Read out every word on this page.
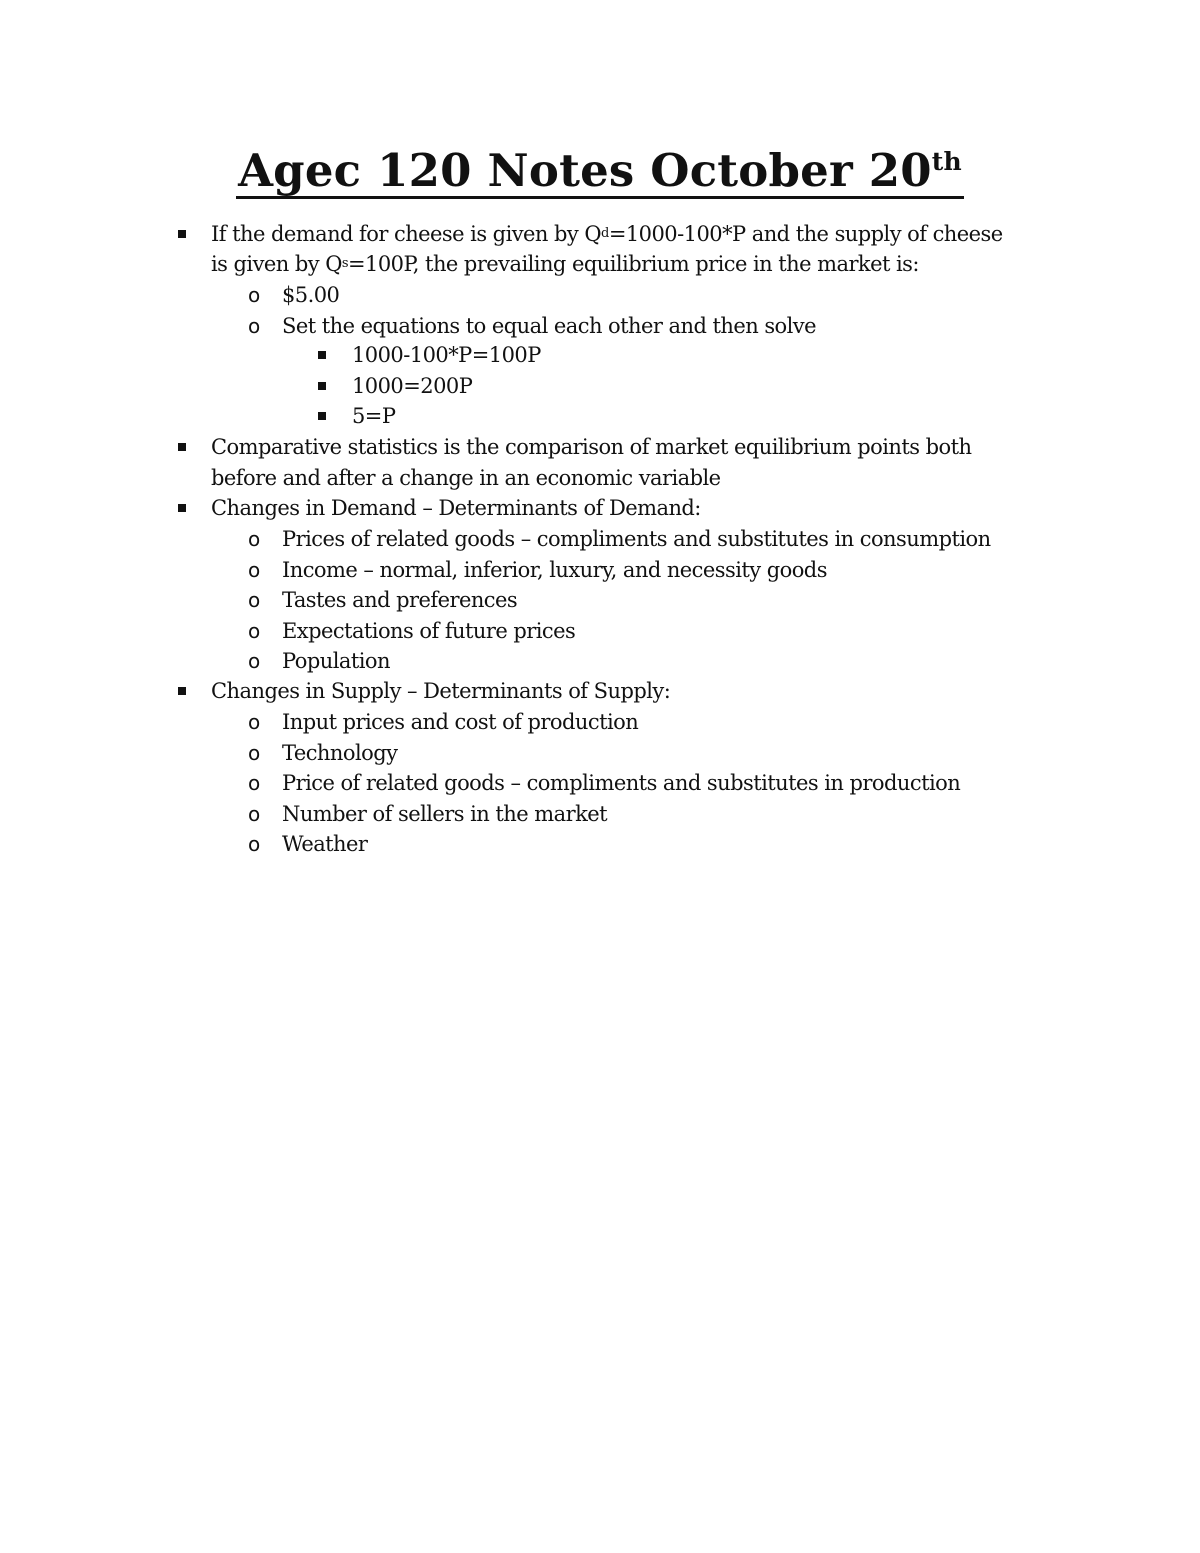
Agec 120 Notes October 20th
If the demand for cheese is given by Q d =1000-100*P and the supply of cheese
is given by Q s =100P, the prevailing equilibrium price in the market is:
o $5.00
o Set the equations to equal each other and then solve
1000-100*P=100P
1000=200P
5=P
Comparative statistics is the comparison of market equilibrium points both
before and after a change in an economic variable
Changes in Demand – Determinants of Demand:
o Prices of related goods – compliments and substitutes in consumption
o Income – normal, inferior, luxury, and necessity goods
o Tastes and preferences
o Expectations of future prices
o Population
Changes in Supply – Determinants of Supply:
o Input prices and cost of production
o Technology
o Price of related goods – compliments and substitutes in production
o Number of sellers in the market
o Weather
